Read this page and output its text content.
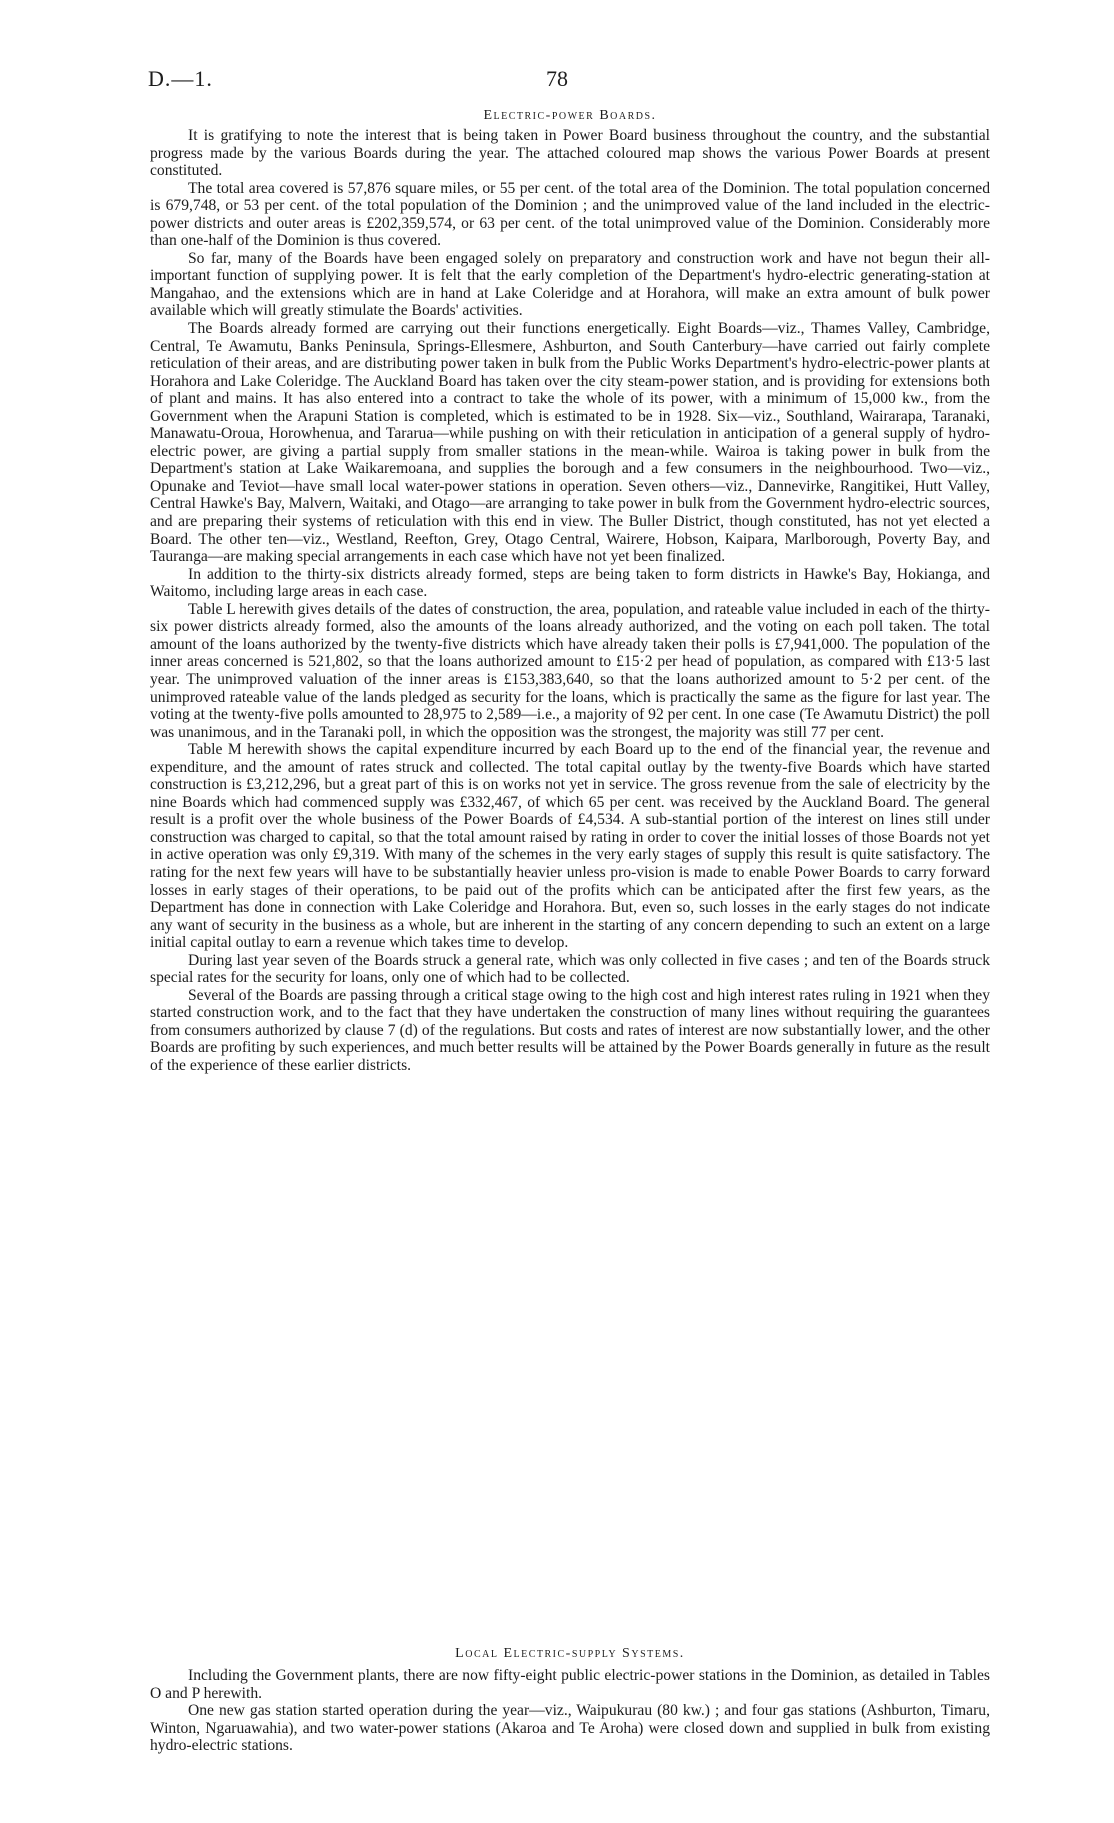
D.—1.	78
Electric-power Boards.

It is gratifying to note the interest that is being taken in Power Board business throughout the country, and the substantial progress made by the various Boards during the year. The attached coloured map shows the various Power Boards at present constituted.

The total area covered is 57,876 square miles, or 55 per cent. of the total area of the Dominion. The total population concerned is 679,748, or 53 per cent. of the total population of the Dominion ; and the unimproved value of the land included in the electric-power districts and outer areas is £202,359,574, or 63 per cent. of the total unimproved value of the Dominion. Considerably more than one-half of the Dominion is thus covered.

So far, many of the Boards have been engaged solely on preparatory and construction work and have not begun their all-important function of supplying power. It is felt that the early completion of the Department's hydro-electric generating-station at Mangahao, and the extensions which are in hand at Lake Coleridge and at Horahora, will make an extra amount of bulk power available which will greatly stimulate the Boards' activities.

The Boards already formed are carrying out their functions energetically. Eight Boards—viz., Thames Valley, Cambridge, Central, Te Awamutu, Banks Peninsula, Springs-Ellesmere, Ashburton, and South Canterbury—have carried out fairly complete reticulation of their areas, and are distributing power taken in bulk from the Public Works Department's hydro-electric-power plants at Horahora and Lake Coleridge. The Auckland Board has taken over the city steam-power station, and is providing for extensions both of plant and mains. It has also entered into a contract to take the whole of its power, with a minimum of 15,000 kw., from the Government when the Arapuni Station is completed, which is estimated to be in 1928. Six—viz., Southland, Wairarapa, Taranaki, Manawatu-Oroua, Horowhenua, and Tararua—while pushing on with their reticulation in anticipation of a general supply of hydro-electric power, are giving a partial supply from smaller stations in the mean-while. Wairoa is taking power in bulk from the Department's station at Lake Waikaremoana, and supplies the borough and a few consumers in the neighbourhood. Two—viz., Opunake and Teviot—have small local water-power stations in operation. Seven others—viz., Dannevirke, Rangitikei, Hutt Valley, Central Hawke's Bay, Malvern, Waitaki, and Otago—are arranging to take power in bulk from the Government hydro-electric sources, and are preparing their systems of reticulation with this end in view. The Buller District, though constituted, has not yet elected a Board. The other ten—viz., Westland, Reefton, Grey, Otago Central, Wairere, Hobson, Kaipara, Marlborough, Poverty Bay, and Tauranga—are making special arrangements in each case which have not yet been finalized.

In addition to the thirty-six districts already formed, steps are being taken to form districts in Hawke's Bay, Hokianga, and Waitomo, including large areas in each case.

Table L herewith gives details of the dates of construction, the area, population, and rateable value included in each of the thirty-six power districts already formed, also the amounts of the loans already authorized, and the voting on each poll taken. The total amount of the loans authorized by the twenty-five districts which have already taken their polls is £7,941,000. The population of the inner areas concerned is 521,802, so that the loans authorized amount to £15·2 per head of population, as compared with £13·5 last year. The unimproved valuation of the inner areas is £153,383,640, so that the loans authorized amount to 5·2 per cent. of the unimproved rateable value of the lands pledged as security for the loans, which is practically the same as the figure for last year. The voting at the twenty-five polls amounted to 28,975 to 2,589—i.e., a majority of 92 per cent. In one case (Te Awamutu District) the poll was unanimous, and in the Taranaki poll, in which the opposition was the strongest, the majority was still 77 per cent.

Table M herewith shows the capital expenditure incurred by each Board up to the end of the financial year, the revenue and expenditure, and the amount of rates struck and collected. The total capital outlay by the twenty-five Boards which have started construction is £3,212,296, but a great part of this is on works not yet in service. The gross revenue from the sale of electricity by the nine Boards which had commenced supply was £332,467, of which 65 per cent. was received by the Auckland Board. The general result is a profit over the whole business of the Power Boards of £4,534. A sub-stantial portion of the interest on lines still under construction was charged to capital, so that the total amount raised by rating in order to cover the initial losses of those Boards not yet in active operation was only £9,319. With many of the schemes in the very early stages of supply this result is quite satisfactory. The rating for the next few years will have to be substantially heavier unless pro-vision is made to enable Power Boards to carry forward losses in early stages of their operations, to be paid out of the profits which can be anticipated after the first few years, as the Department has done in connection with Lake Coleridge and Horahora. But, even so, such losses in the early stages do not indicate any want of security in the business as a whole, but are inherent in the starting of any concern depending to such an extent on a large initial capital outlay to earn a revenue which takes time to develop.

During last year seven of the Boards struck a general rate, which was only collected in five cases ; and ten of the Boards struck special rates for the security for loans, only one of which had to be collected.

Several of the Boards are passing through a critical stage owing to the high cost and high interest rates ruling in 1921 when they started construction work, and to the fact that they have undertaken the construction of many lines without requiring the guarantees from consumers authorized by clause 7 (d) of the regulations. But costs and rates of interest are now substantially lower, and the other Boards are profiting by such experiences, and much better results will be attained by the Power Boards generally in future as the result of the experience of these earlier districts.

Local Electric-supply Systems.

Including the Government plants, there are now fifty-eight public electric-power stations in the Dominion, as detailed in Tables O and P herewith.

One new gas station started operation during the year—viz., Waipukurau (80 kw.) ; and four gas stations (Ashburton, Timaru, Winton, Ngaruawahia), and two water-power stations (Akaroa and Te Aroha) were closed down and supplied in bulk from existing hydro-electric stations.
